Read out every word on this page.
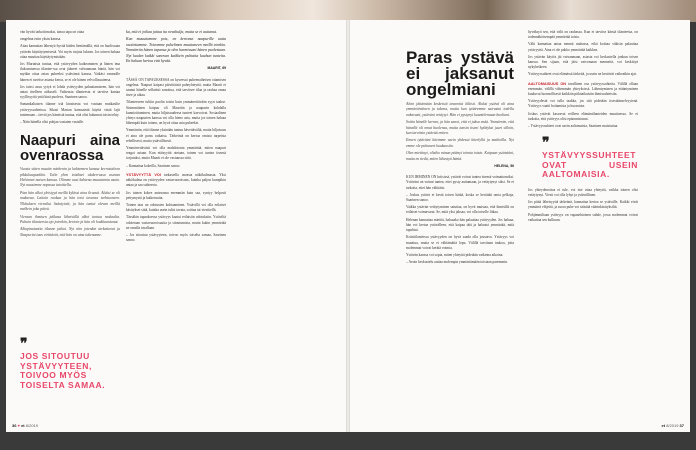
vän hyvää tarkoittavaksi, ainoa tapa on ottaa

omgelma esiin yksin kanssa.

Aitaa kannattaa lähestyä hyvää käden lientämällä, että on huolissaan ystävän käyttäytymisestä. Voi myös tarjota lukean. Jos toinen haluaa ottaa muuttaa käyttäytymistään.

Jos Murtaista tuntua, että ystävyyden katkeaminen ja hänen ima ilukoantuessa tilantee-ssa ovat jääneet valvaamaan häntä, hän voi mytkin ottaa asian puheeksi ystävänsä kanssa. Vatkäsi vanmolle hänen ei tarvitse asiasta keroa, se ei ole hänen velvollisuutensa.

Jos taissi asuu yytyä ei lohda ystävyyden palauttamiseen, hän voi antaa itselleen aiikuseli. Vaikeasta tilanteesta ei tarvitse kantaa syyllisyyttä yntä kinä puoleva, Saarinen sanoo.

Samankaltaisen tilanne triä kinaisesta voi vastaan mutkasilte ystävyyssuhteissa. Sikasi Marian kanssaintä käyttä väsiä lajit tuntemaan – tieviä jos häneistä tuntua, että olisi halunnut toisin tehty.

– Näin hänella olisi pohjaa vastaten vastalle.

Naapuri aina ovenraossa

Vuosia sitten muutin miehenin ja kahtennen kanssa kerrostaloon pikkukaupunkiin. Tulin yhen toisiksei alakerrassa asuvan Helsinnet naisen kanssa. Olimme uusi kahtena muuatamia asuin. Nyt nausimme nopassa tatoittella.

Pian hän alkoi yleistyyä meillä kylässi aina ilraasti. Aluksi se oli mukavaa. Laitoin ruokaa ja hän toisi tavaraa teehtuoneen. Yllätuksen vierailut lisäntyivät, ja hän tuntui olevan meillä melkein joka päivä.

Vieraan ihmisen jakkasa läheisällä alkoi tuntua raskaalta. Puhuin tilanteesta ujo jotenkin, kertoin ja hän oli loukkaantunut.

Alkupinatuntia tilanne jatkui. Nyt niin jotenkin tarkattuvat ja Naapurini taas virittävät, että hän on aina tukenanne.

❞
JOS SITOUTUU YSTÄVYYTEEN, TOIVOO MYÖS TOISELTA SAMAA.

ka, että ei joikaa jaitua ita ravaltulja, mutta se ei auttanut.

Kun muuuttamme pois, en kertonut naapurille uutta osoitettamme. Toivomme puhelimen muuttaneen meillä etenkin. Ymmärrän hänen tapansa ja olen harmissani hänen puolestaan. Nyt kuulen kaikki sanovan kaikkein puhtaita kauhun tunteita. En haluan kertoa että hyvää.

MAARIT, 69

TÄSSÄ ON TAPAUKSESSA on kyseessä puheenaiheisen ottamisen ongelma. Naapuri kaipasi päivittäistä puheyhteyttä, mutta Maarit ei saanut hänelle selkeästi sanottua, että tarvitsee tilaa ja rauhaa omaa itsee ja aikaa.

Tilanteeseen tultiin puolin toisin kuin ymmärrettävään syyn taakse. Sisimmäinen kaipuu oli Maaritin ja naapurin kohdalla kunnioittaminen, mutta hiljaisuudessa tunteet kasvoivat. Sosiaalinen yhteys naapurien kanssa voi olla hieno asia, mutta jos toinen haluaa lähempää kuin toinen, on hyvä ottaa asia puheeksi.

Ymmärrän, että tilanne yksinään tuntuu hävettävältä, mutta hiljaisuus ei aina ole paras ratkaisu. Tärkeintä on kertoa omista tarpeista rehellisesti, mutta ystävällisesti.

Ymmärrettävästi voi olla mahdotonta ymmärtää, miten naapuri reagoi asiaan. Kun etäisyyttä otetaan, toinen voi tuntea itsensä torjutuksi, mutta Maarit ei ole vastuussa siitä.

– Kannattaa kokeilla, Saarinen sanoo.

YSTÄVYYTTÄ VOI tarkastella useasta näkökulmasta. Yksi näkökulma on ystävyyden vastavuoroisuus, kuinka paljon kumpikin antaa ja saa suhteesta.

Jos toinen kokee antavansa enemmän kuin saa, syntyy helposti pettymystä ja katkeruutta.

Toinen taas on odotusten kohtaaminen. Ystävillä voi olla erilaiset käsitykset siitä, kuinka usein tulisi tavata, soittaa tai viestitellä.

Tässäkin tapauksessa ystävyys kaatui erilaisiin odotuksiin. Ystäviltä odotetaan vastavuoroisuutta ja sitoutumista, mutta kukin ymmärtää ne omalla tavallaan.

– Jos sitoutuu ystävyyteen, toivoo myös toiselta samaa, Saarinen sanoo.

36 ♥ et 8/2019
Paras ystävä ei jaksanut ongelmiani

Aloin jättämään keskeisiä tavaroita kiltisti. Aluksi ystävä oli aina ymmärtäväinen ja tukena, mutta kun tyttäremme sairastui todella vakavasti, ystäväni vetäytyi. Hän ei pystynyt kuuntelemaan huoliani.

Soitin hänelle kerran, ja hän sanoi, että ei jaksa enää. Ymmärrän, että hänellä oli omat huolensa, mutta tunsin itseni hylätyksi juuri silloin, kun tarvitsin ystävää eniten.

Ennen tytärtäni kävimme usein yhdessä kävelyllä ja matkoilla. Nyt emme ole puhuneet kuukausiin.

Olen miettinyt, olisiko minun pitänyt toimia toisin. Kaipaan ystävääni, mutta en tiedä, miten lähestyä häntä.

HELENA, 56

KUN IHMINEN ON kriisissä, ystävät voivat tuntea itsensä voimattomiksi. Ystäväni on voinut tuntea, ettei pysty auttamaan, ja vetäytynyt siksi. Se ei tarkoita, ettei hän välittäisi.

– Joskus ystävä ei kestä toisen hätää, koska se herättää omia pelkoja, Saarinen sanoo.

Vaikka ystävän vetäytyminen satuttaa, on hyvä muistaa, että ihmisillä on erilaiset voimavarat. Se, mitä yksi jaksaa, voi olla toiselle liikaa.

Helenan kannattaa miettiä, haluaako hän palauttaa ystävyyden. Jos haluaa, hän voi kertoa ystävälleen, että kaipaa tätä ja haluaisi ymmärtää, mitä tapahtui.

Kriisitilanteissa ystävyyden on hyvä saada olla joustava. Ystävyys voi muuttua, mutta se ei välttämättä lopu. Välillä tarvitaan taukoa, jotta molemmat voivat kerätä voimia.

Ystävän kanssa voi sopia, miten yhteyttä pidetään vaikeina aikoina.

– Avoin keskustelu auttaa molempia ymmärtämään toisiaan paremmin.

hyväksyä sen, että välit on rauhassa. Kun ei tarvitse kärsiä tilanteesta, on todennäköisempää ymmärtää toista.

Välit kannattaa antaa mennä rauhassa, eikä koittaa väkisin palauttaa ystävyyttä. Aina ei ole pakko ymmärtää kaikkea.

Jos ystävän käytös jäi vaivaamaan, asiasta voi keskustella jonkun toisen kanssa. Sen sijaan, että jäisi vatvomaan menneitä, voi keskittyä nykyhetkeen.

Ystävyyssuhteet ovat elämässä tärkeitä, ja usein ne kestävät vaikeatkin ajat.

AALTOMAISUUS ON tavallinen osa ystävyyssuhteita. Välillä ollaan enemmän, välillä vähemmän yhteyksissä. Lähentyminen ja etääntyminen kuuluvat luonnollisesti kaikkiin pitkäaikaisiin ihmissuhteisiin.

Ystävyydestä voi tulla taakka, jos sitä pidetään itsestäänselvyytenä. Ystävyys vaatii hoitamista ja huomiota.

Joskus ystävät kasvavat erilleen elämäntilanteiden muuttuessa. Se ei tarkoita, että ystävyys olisi epäonnistunut.

– Ystävyyssuhteet ovat usein aaltomaisia, Saarinen muistuttaa.

❞
YSTÄVYYSSUHTEET OVAT USEIN AALTOMAISIA.

Jos yhteydenottoa ei tule, voi itse ottaa yhteyttä, vaikka toinen olisi vetäytynyt. Viesti voi olla lyhyt ja ystävällinen.

Jos pitää läheisyyttä tärkeänä, kannattaa kertoa se ystävälle. Kaikki eivät ymmärrä vihjeitä, ja suora puhe voi säästää väärinkäsityksiltä.

Pohjimmiltaan ystävyys on vapaaehtoinen suhde, jossa molemmat voivat vaikuttaa sen kulkuun.

et 8/2019 37
